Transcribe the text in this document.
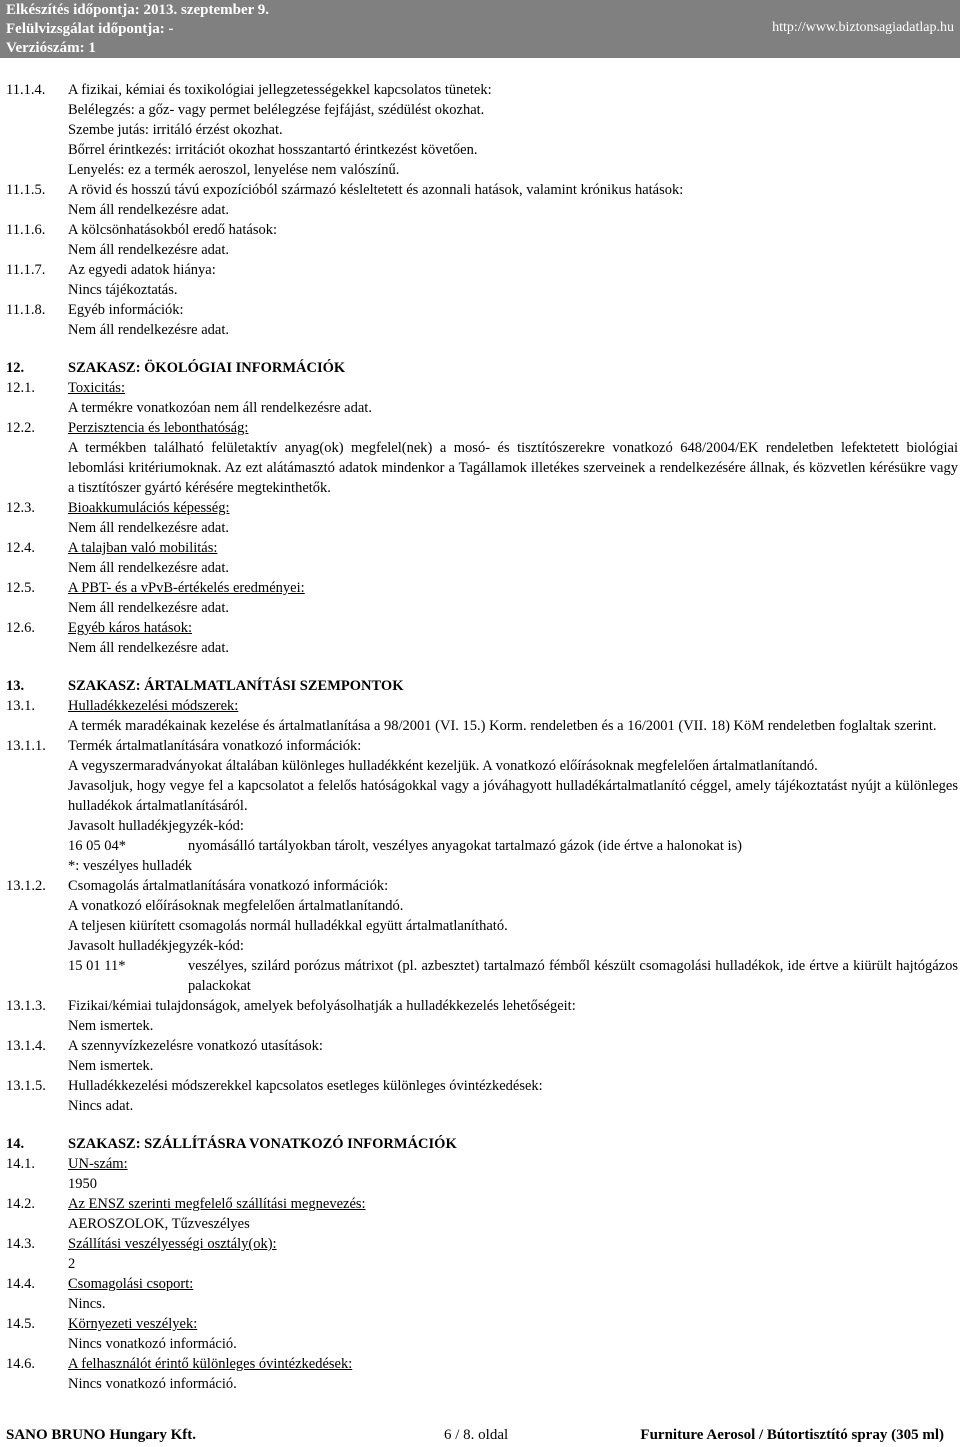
Elkészítés időpontja: 2013. szeptember 9.
Felülvizsgálat időpontja: -
Verziószám: 1
http://www.biztonsagiadatlap.hu
11.1.4.	A fizikai, kémiai és toxikológiai jellegzetességekkel kapcsolatos tünetek:
Belélegzés: a gőz- vagy permet belélegzése fejfájást, szédülést okozhat.
Szembe jutás: irritáló érzést okozhat.
Bőrrel érintkezés: irritációt okozhat hosszantartó érintkezést követően.
Lenyelés: ez a termék aeroszol, lenyelése nem valószínű.
11.1.5.	A rövid és hosszú távú expozícióból származó késleltetett és azonnali hatások, valamint krónikus hatások:
Nem áll rendelkezésre adat.
11.1.6.	A kölcsönhatásokból eredő hatások:
Nem áll rendelkezésre adat.
11.1.7.	Az egyedi adatok hiánya:
Nincs tájékoztatás.
11.1.8.	Egyéb információk:
Nem áll rendelkezésre adat.
12.	SZAKASZ: ÖKOLÓGIAI INFORMÁCIÓK
12.1.	Toxicitás:
A termékre vonatkozóan nem áll rendelkezésre adat.
12.2.	Perzisztencia és lebonthatóság:
A termékben található felületaktív anyag(ok) megfelel(nek) a mosó- és tisztítószerekre vonatkozó 648/2004/EK rendeletben lefektetett biológiai lebomlási kritériumoknak. Az ezt alátámasztó adatok mindenkor a Tagállamok illetékes szerveinek a rendelkezésére állnak, és közvetlen kérésükre vagy a tisztítószer gyártó kérésére megtekinthetők.
12.3.	Bioakkumulációs képesség:
Nem áll rendelkezésre adat.
12.4.	A talajban való mobilitás:
Nem áll rendelkezésre adat.
12.5.	A PBT- és a vPvB-értékelés eredményei:
Nem áll rendelkezésre adat.
12.6.	Egyéb káros hatások:
Nem áll rendelkezésre adat.
13.	SZAKASZ: ÁRTALMATLANÍTÁSI SZEMPONTOK
13.1.	Hulladékkezelési módszerek:
A termék maradékainak kezelése és ártalmatlanítása a 98/2001 (VI. 15.) Korm. rendeletben és a 16/2001 (VII. 18) KöM rendeletben foglaltak szerint.
13.1.1.	Termék ártalmatlanítására vonatkozó információk:
A vegyszermaradványokat általában különleges hulladékként kezeljük. A vonatkozó előírásoknak megfelelően ártalmatlanítandó.
Javasoljuk, hogy vegye fel a kapcsolatot a felelős hatóságokkal vagy a jóváhagyott hulladékártalmatlanító céggel, amely tájékoztatást nyújt a különleges hulladékok ártalmatlanításáról.
Javasolt hulladékjegyzék-kód:
16 05 04*	nyomásálló tartályokban tárolt, veszélyes anyagokat tartalmazó gázok (ide értve a halonokat is)
*: veszélyes hulladék
13.1.2.	Csomagolás ártalmatlanítására vonatkozó információk:
A vonatkozó előírásoknak megfelelően ártalmatlanítandó.
A teljesen kiürített csomagolás normál hulladékkal együtt ártalmatlanítható.
Javasolt hulladékjegyzék-kód:
15 01 11*	veszélyes, szilárd porózus mátrixot (pl. azbesztet) tartalmazó fémből készült csomagolási hulladékok, ide értve a kiürült hajtógázos palackokat
13.1.3.	Fizikai/kémiai tulajdonságok, amelyek befolyásolhatják a hulladékkezelés lehetőségeit:
Nem ismertek.
13.1.4.	A szennyvízkezelésre vonatkozó utasítások:
Nem ismertek.
13.1.5.	Hulladékkezelési módszerekkel kapcsolatos esetleges különleges óvintézkedések:
Nincs adat.
14.	SZAKASZ: SZÁLLÍTÁSRA VONATKOZÓ INFORMÁCIÓK
14.1.	UN-szám:
1950
14.2.	Az ENSZ szerinti megfelelő szállítási megnevezés:
AEROSZOLOK, Tűzveszélyes
14.3.	Szállítási veszélyességi osztály(ok):
2
14.4.	Csomagolási csoport:
Nincs.
14.5.	Környezeti veszélyek:
Nincs vonatkozó információ.
14.6.	A felhasználót érintő különleges óvintézkedések:
Nincs vonatkozó információ.
SANO BRUNO Hungary Kft.	6 / 8. oldal	Furniture Aerosol / Bútortisztító spray (305 ml)
